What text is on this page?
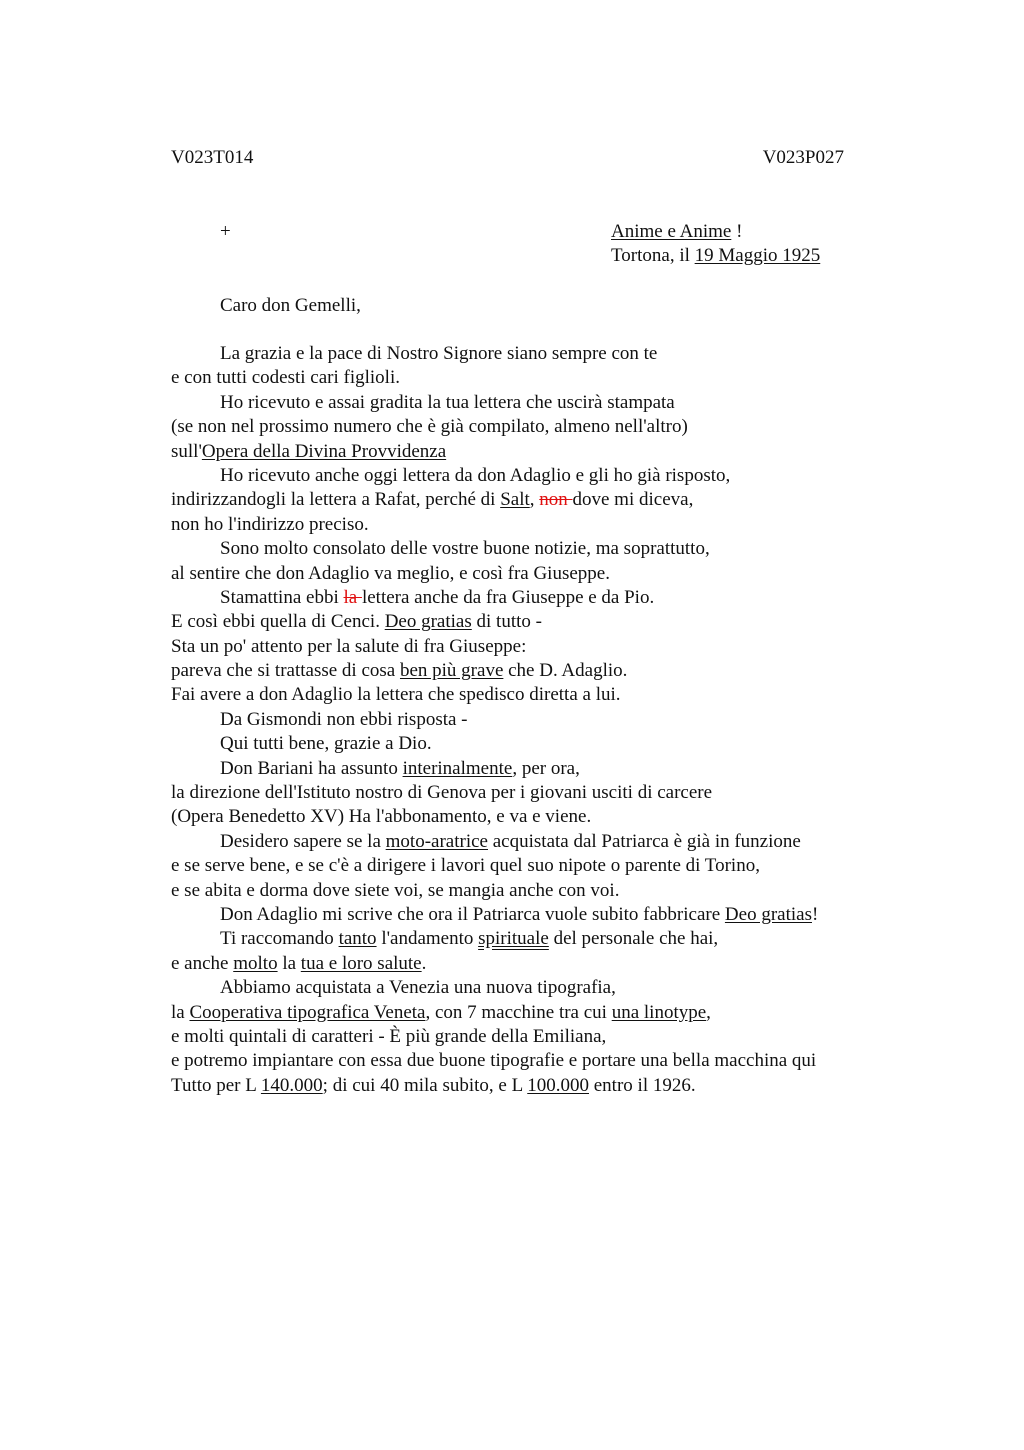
V023T014	V023P027
+	Anime e Anime !
Tortona, il 19 Maggio 1925
Caro don Gemelli,
La grazia e la pace di Nostro Signore siano sempre con te
e con tutti codesti cari figlioli.
Ho ricevuto e assai gradita la tua lettera che uscirà stampata
(se non nel prossimo numero che è già compilato, almeno nell'altro)
sull'Opera della Divina Provvidenza
Ho ricevuto anche oggi lettera da don Adaglio e gli ho già risposto,
indirizzandogli la lettera a Rafat, perché di Salt, non dove mi diceva,
non ho l'indirizzo preciso.
Sono molto consolato delle vostre buone notizie, ma soprattutto,
al sentire che don Adaglio va meglio, e così fra Giuseppe.
Stamattina ebbi la lettera anche da fra Giuseppe e da Pio.
E così ebbi quella di Cenci. Deo gratias di tutto -
Sta un po' attento per la salute di fra Giuseppe:
pareva che si trattasse di cosa ben più grave che D. Adaglio.
Fai avere a don Adaglio la lettera che spedisco diretta a lui.
Da Gismondi non ebbi risposta -
Qui tutti bene, grazie a Dio.
Don Bariani ha assunto interinalmente, per ora,
la direzione dell'Istituto nostro di Genova per i giovani usciti di carcere
(Opera Benedetto XV) Ha l'abbonamento, e va e viene.
Desidero sapere se la moto-aratrice acquistata dal Patriarca è già in funzione
e se serve bene, e se c'è a dirigere i lavori quel suo nipote o parente di Torino,
e se abita e dorma dove siete voi, se mangia anche con voi.
Don Adaglio mi scrive che ora il Patriarca vuole subito fabbricare Deo gratias!
Ti raccomando tanto l'andamento spirituale del personale che hai,
e anche molto la tua e loro salute.
Abbiamo acquistata a Venezia una nuova tipografia,
la Cooperativa tipografica Veneta, con 7 macchine tra cui una linotype,
e molti quintali di caratteri - È più grande della Emiliana,
e potremo impiantare con essa due buone tipografie e portare una bella macchina qui
Tutto per L 140.000; di cui 40 mila subito, e L 100.000 entro il 1926.
